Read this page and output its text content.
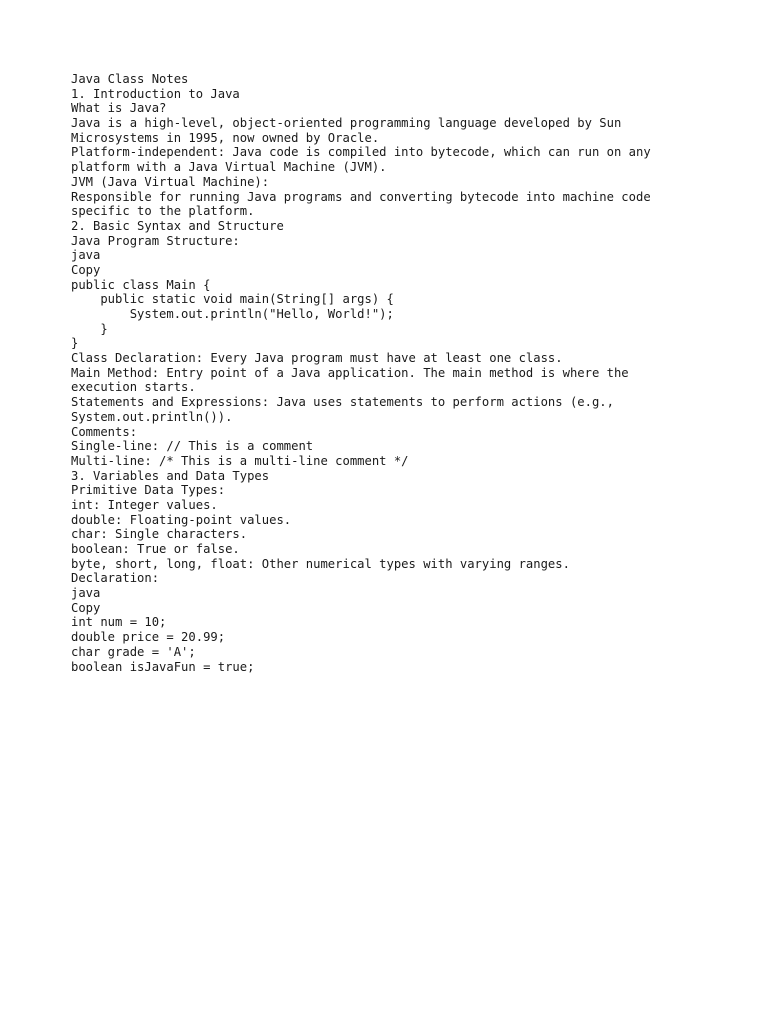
Java Class Notes
1. Introduction to Java
What is Java?
Java is a high-level, object-oriented programming language developed by Sun
Microsystems in 1995, now owned by Oracle.
Platform-independent: Java code is compiled into bytecode, which can run on any
platform with a Java Virtual Machine (JVM).
JVM (Java Virtual Machine):
Responsible for running Java programs and converting bytecode into machine code
specific to the platform.
2. Basic Syntax and Structure
Java Program Structure:
java
Copy
public class Main {
public static void main(String[] args) {
System.out.println("Hello, World!");
}
}
Class Declaration: Every Java program must have at least one class.
Main Method: Entry point of a Java application. The main method is where the
execution starts.
Statements and Expressions: Java uses statements to perform actions (e.g.,
System.out.println()).
Comments:
Single-line: // This is a comment
Multi-line: /* This is a multi-line comment */
3. Variables and Data Types
Primitive Data Types:
int: Integer values.
double: Floating-point values.
char: Single characters.
boolean: True or false.
byte, short, long, float: Other numerical types with varying ranges.
Declaration:
java
Copy
int num = 10;
double price = 20.99;
char grade = 'A';
boolean isJavaFun = true;
